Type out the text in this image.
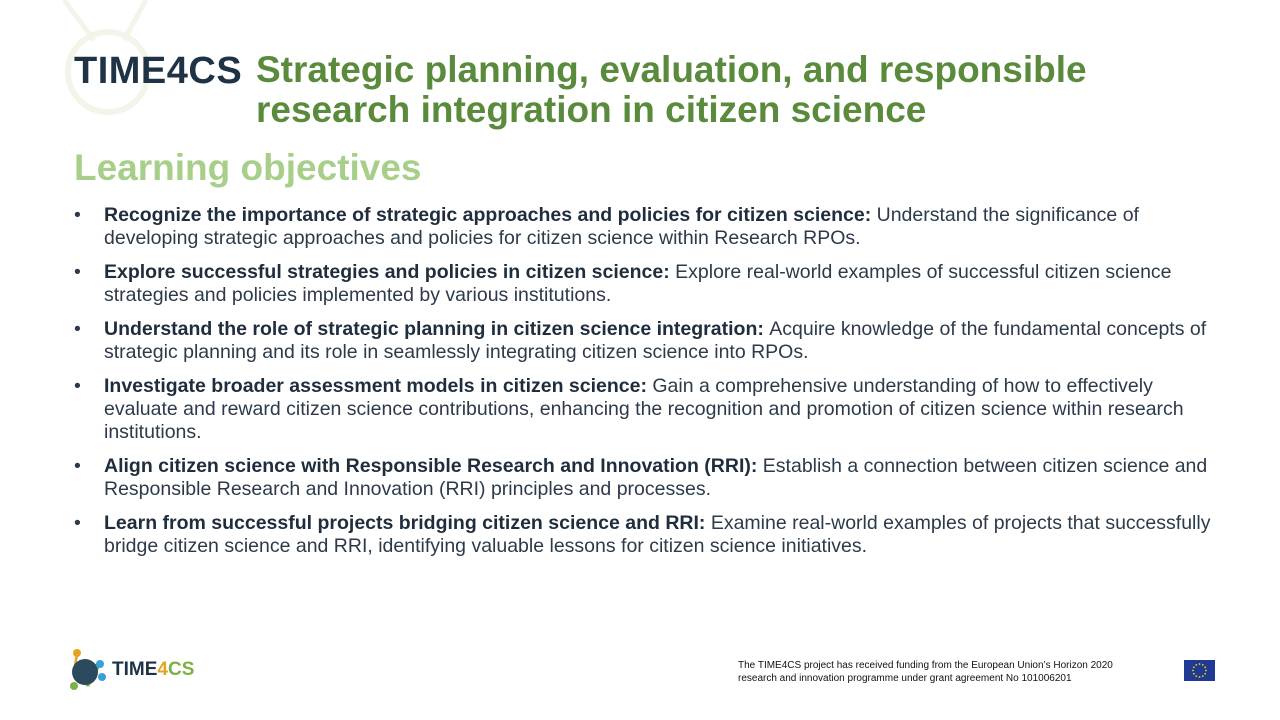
TIME4CS Strategic planning, evaluation, and responsible research integration in citizen science
Learning objectives
• Recognize the importance of strategic approaches and policies for citizen science: Understand the significance of developing strategic approaches and policies for citizen science within Research RPOs.
• Explore successful strategies and policies in citizen science: Explore real-world examples of successful citizen science strategies and policies implemented by various institutions.
• Understand the role of strategic planning in citizen science integration: Acquire knowledge of the fundamental concepts of strategic planning and its role in seamlessly integrating citizen science into RPOs.
• Investigate broader assessment models in citizen science: Gain a comprehensive understanding of how to effectively evaluate and reward citizen science contributions, enhancing the recognition and promotion of citizen science within research institutions.
• Align citizen science with Responsible Research and Innovation (RRI): Establish a connection between citizen science and Responsible Research and Innovation (RRI) principles and processes.
• Learn from successful projects bridging citizen science and RRI: Examine real-world examples of projects that successfully bridge citizen science and RRI, identifying valuable lessons for citizen science initiatives.
TIME4CS	The TIME4CS project has received funding from the European Union’s Horizon 2020
research and innovation programme under grant agreement No 101006201
